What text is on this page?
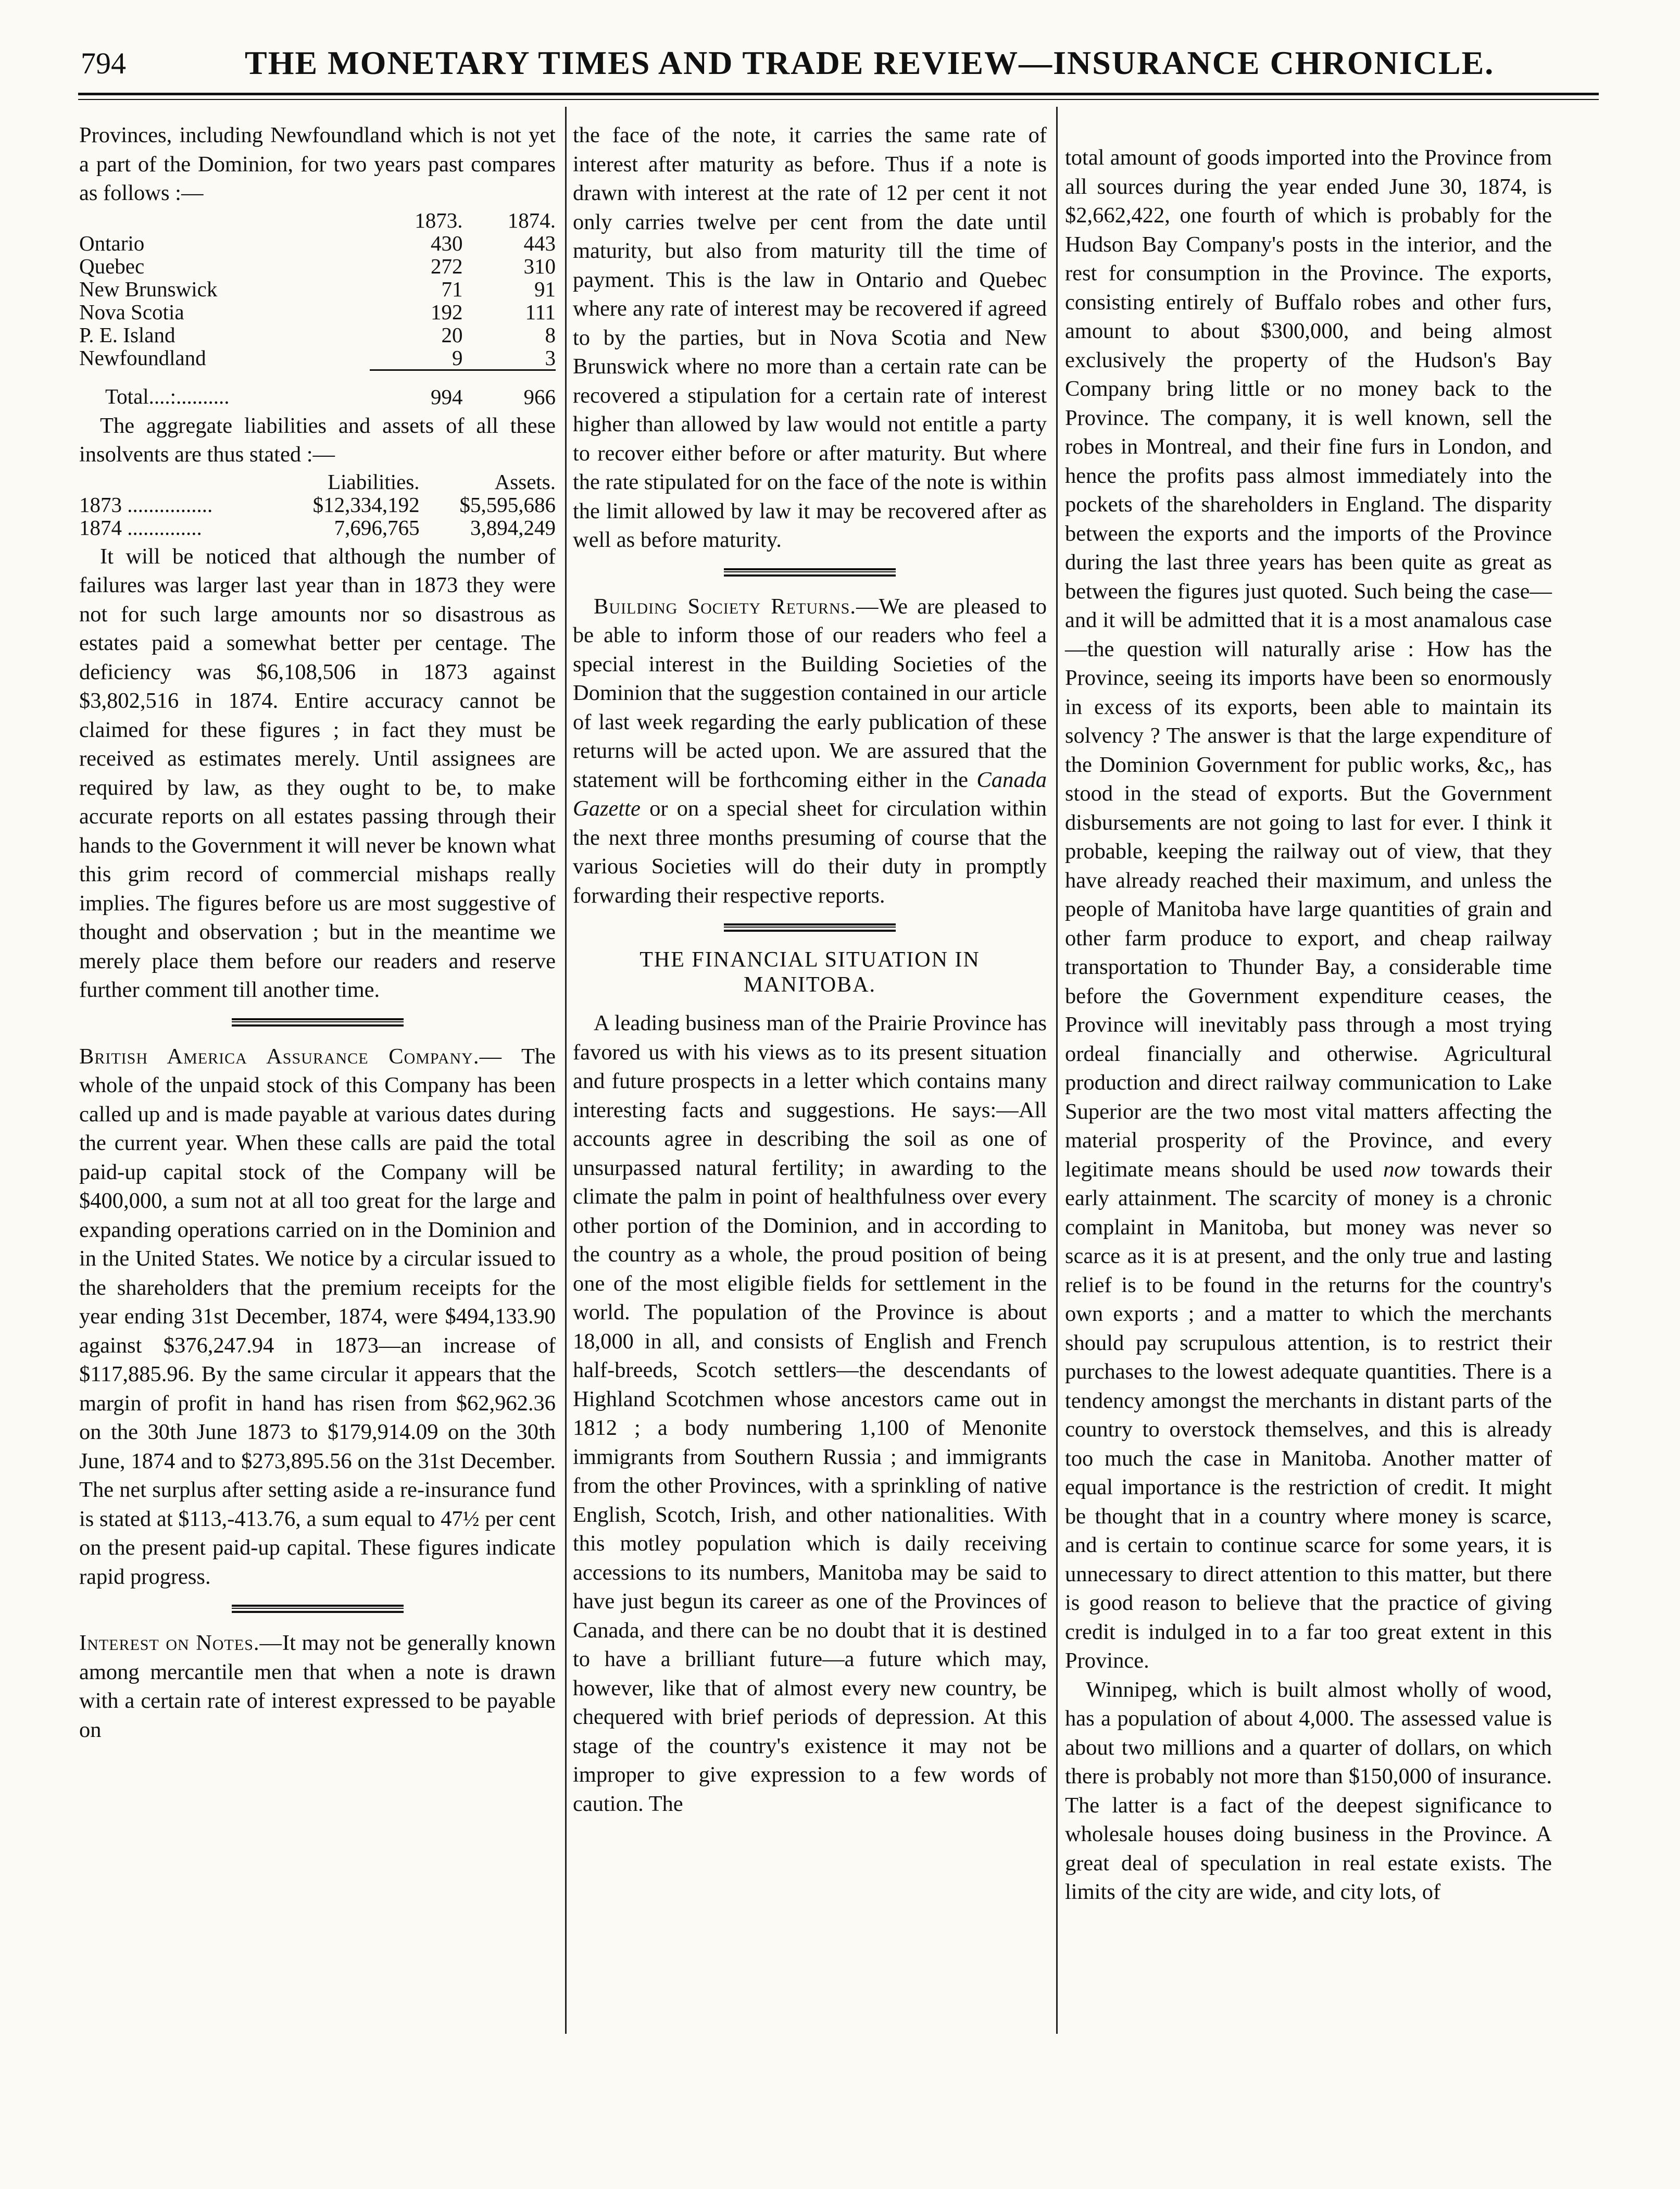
794	THE MONETARY TIMES AND TRADE REVIEW—INSURANCE CHRONICLE.

Provinces, including Newfoundland which is not yet a part of the Dominion, for two years past compares as follows :—

	1873.	1874.
Ontario	430	443
Quebec	272	310
New Brunswick	71	91
Nova Scotia	192	111
P. E. Island	20	8
Newfoundland	9	3
Total....:..........	994	966

The aggregate liabilities and assets of all these insolvents are thus stated :—

	Liabilities.	Assets.
1873 ................	$12,334,192	$5,595,686
1874 ..............	7,696,765	3,894,249

It will be noticed that although the number of failures was larger last year than in 1873 they were not for such large amounts nor so disastrous as estates paid a somewhat better per centage. The deficiency was $6,108,506 in 1873 against $3,802,516 in 1874. Entire accuracy cannot be claimed for these figures ; in fact they must be received as estimates merely. Until assignees are required by law, as they ought to be, to make accurate reports on all estates passing through their hands to the Government it will never be known what this grim record of commercial mishaps really implies. The figures before us are most suggestive of thought and observation ; but in the meantime we merely place them before our readers and reserve further comment till another time.

British America Assurance Company.— The whole of the unpaid stock of this Company has been called up and is made payable at various dates during the current year. When these calls are paid the total paid-up capital stock of the Company will be $400,000, a sum not at all too great for the large and expanding operations carried on in the Dominion and in the United States. We notice by a circular issued to the shareholders that the premium receipts for the year ending 31st December, 1874, were $494,133.90 against $376,247.94 in 1873—an increase of $117,885.96. By the same circular it appears that the margin of profit in hand has risen from $62,962.36 on the 30th June 1873 to $179,914.09 on the 30th June, 1874 and to $273,895.56 on the 31st December. The net surplus after setting aside a re-insurance fund is stated at $113,-413.76, a sum equal to 47½ per cent on the present paid-up capital. These figures indicate rapid progress.

Interest on Notes.—It may not be generally known among mercantile men that when a note is drawn with a certain rate of interest expressed to be payable on

the face of the note, it carries the same rate of interest after maturity as before. Thus if a note is drawn with interest at the rate of 12 per cent it not only carries twelve per cent from the date until maturity, but also from maturity till the time of payment. This is the law in Ontario and Quebec where any rate of interest may be recovered if agreed to by the parties, but in Nova Scotia and New Brunswick where no more than a certain rate can be recovered a stipulation for a certain rate of interest higher than allowed by law would not entitle a party to recover either before or after maturity. But where the rate stipulated for on the face of the note is within the limit allowed by law it may be recovered after as well as before maturity.

Building Society Returns.—We are pleased to be able to inform those of our readers who feel a special interest in the Building Societies of the Dominion that the suggestion contained in our article of last week regarding the early publication of these returns will be acted upon. We are assured that the statement will be forthcoming either in the Canada Gazette or on a special sheet for circulation within the next three months presuming of course that the various Societies will do their duty in promptly forwarding their respective reports.

THE FINANCIAL SITUATION IN MANITOBA.

A leading business man of the Prairie Province has favored us with his views as to its present situation and future prospects in a letter which contains many interesting facts and suggestions. He says:—All accounts agree in describing the soil as one of unsurpassed natural fertility; in awarding to the climate the palm in point of healthfulness over every other portion of the Dominion, and in according to the country as a whole, the proud position of being one of the most eligible fields for settlement in the world. The population of the Province is about 18,000 in all, and consists of English and French half-breeds, Scotch settlers—the descendants of Highland Scotchmen whose ancestors came out in 1812 ; a body numbering 1,100 of Menonite immigrants from Southern Russia ; and immigrants from the other Provinces, with a sprinkling of native English, Scotch, Irish, and other nationalities. With this motley population which is daily receiving accessions to its numbers, Manitoba may be said to have just begun its career as one of the Provinces of Canada, and there can be no doubt that it is destined to have a brilliant future—a future which may, however, like that of almost every new country, be chequered with brief periods of depression. At this stage of the country's existence it may not be improper to give expression to a few words of caution. The

total amount of goods imported into the Province from all sources during the year ended June 30, 1874, is $2,662,422, one fourth of which is probably for the Hudson Bay Company's posts in the interior, and the rest for consumption in the Province. The exports, consisting entirely of Buffalo robes and other furs, amount to about $300,000, and being almost exclusively the property of the Hudson's Bay Company bring little or no money back to the Province. The company, it is well known, sell the robes in Montreal, and their fine furs in London, and hence the profits pass almost immediately into the pockets of the shareholders in England. The disparity between the exports and the imports of the Province during the last three years has been quite as great as between the figures just quoted. Such being the case—and it will be admitted that it is a most anamalous case—the question will naturally arise : How has the Province, seeing its imports have been so enormously in excess of its exports, been able to maintain its solvency ? The answer is that the large expenditure of the Dominion Government for public works, &c,, has stood in the stead of exports. But the Government disbursements are not going to last for ever. I think it probable, keeping the railway out of view, that they have already reached their maximum, and unless the people of Manitoba have large quantities of grain and other farm produce to export, and cheap railway transportation to Thunder Bay, a considerable time before the Government expenditure ceases, the Province will inevitably pass through a most trying ordeal financially and otherwise. Agricultural production and direct railway communication to Lake Superior are the two most vital matters affecting the material prosperity of the Province, and every legitimate means should be used now towards their early attainment. The scarcity of money is a chronic complaint in Manitoba, but money was never so scarce as it is at present, and the only true and lasting relief is to be found in the returns for the country's own exports ; and a matter to which the merchants should pay scrupulous attention, is to restrict their purchases to the lowest adequate quantities. There is a tendency amongst the merchants in distant parts of the country to overstock themselves, and this is already too much the case in Manitoba. Another matter of equal importance is the restriction of credit. It might be thought that in a country where money is scarce, and is certain to continue scarce for some years, it is unnecessary to direct attention to this matter, but there is good reason to believe that the practice of giving credit is indulged in to a far too great extent in this Province.

Winnipeg, which is built almost wholly of wood, has a population of about 4,000. The assessed value is about two millions and a quarter of dollars, on which there is probably not more than $150,000 of insurance. The latter is a fact of the deepest significance to wholesale houses doing business in the Province. A great deal of speculation in real estate exists. The limits of the city are wide, and city lots, of
